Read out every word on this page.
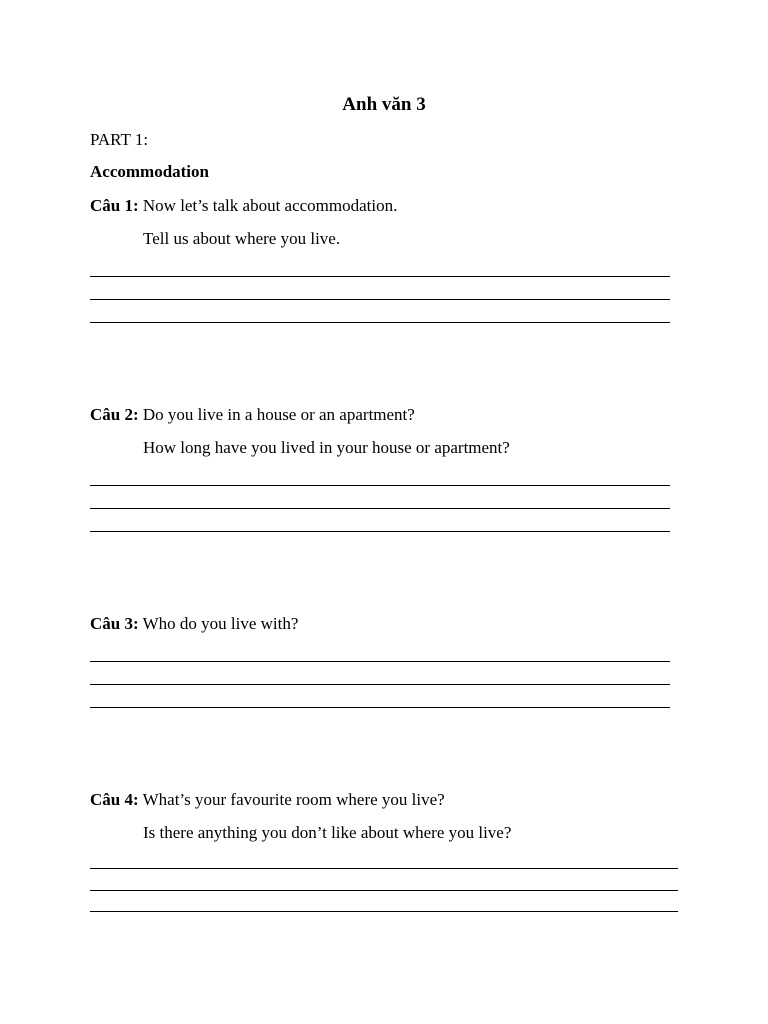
Anh văn 3
PART 1:
Accommodation
Câu 1: Now let’s talk about accommodation.
Tell us about where you live.
Câu 2: Do you live in a house or an apartment?
How long have you lived in your house or apartment?
Câu 3: Who do you live with?
Câu 4: What’s your favourite room where you live?
Is there anything you don’t like about where you live?
